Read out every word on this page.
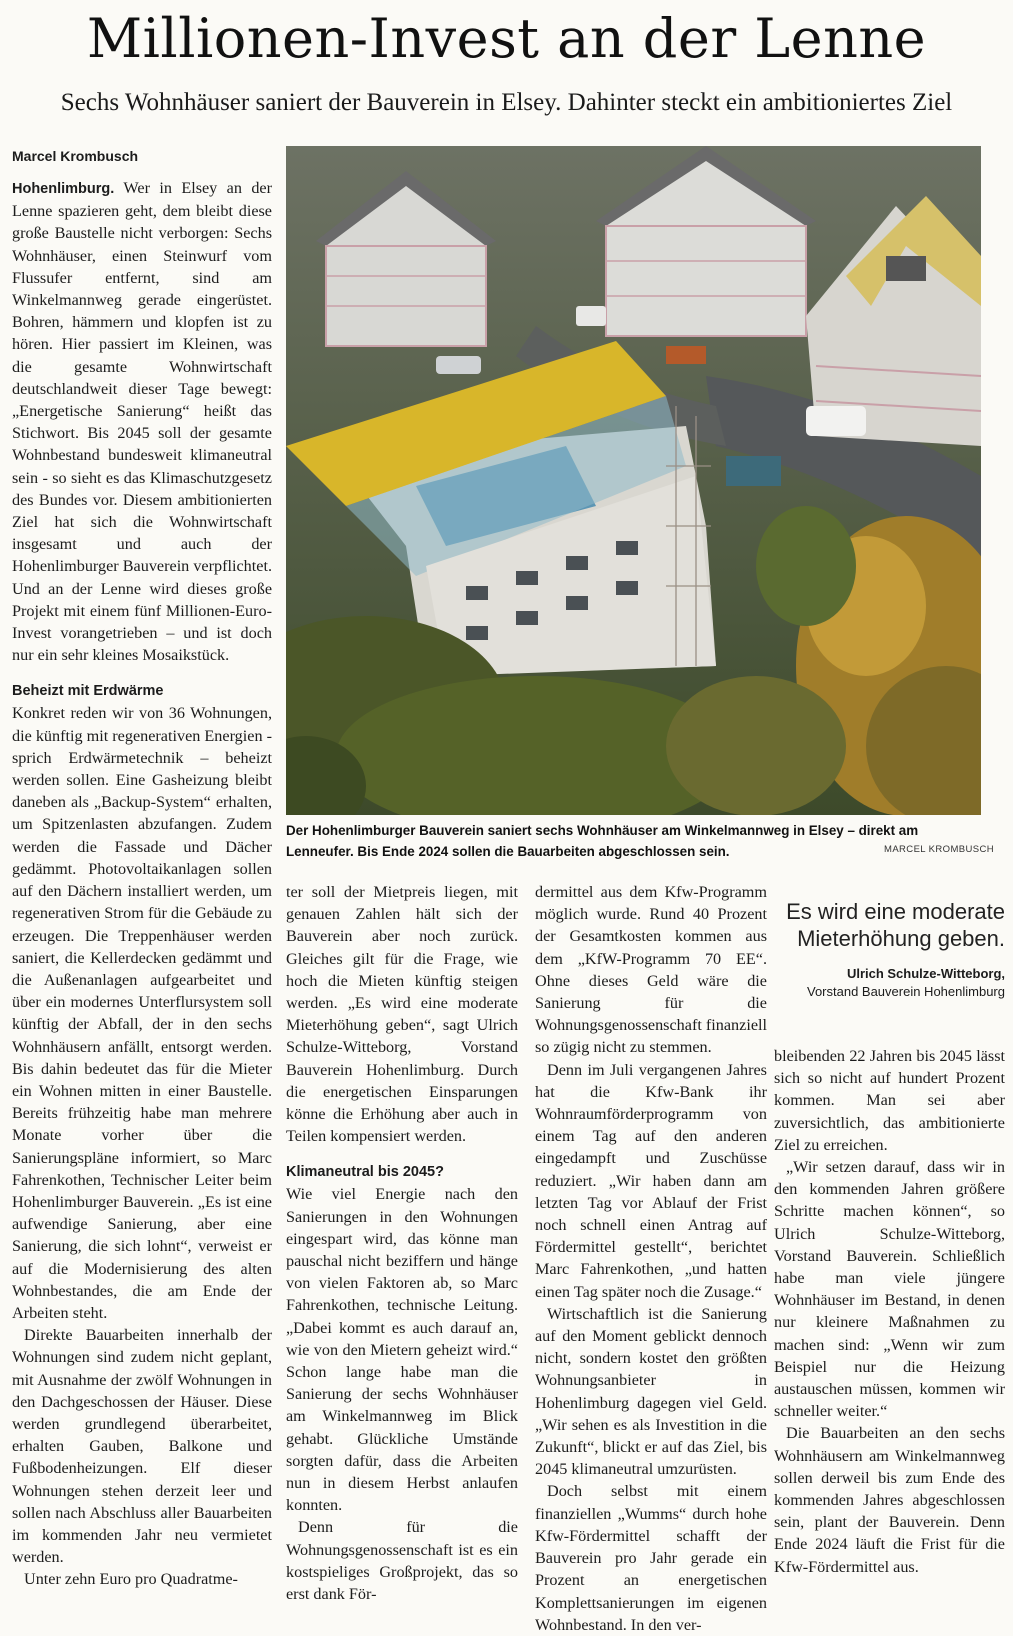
Millionen-Invest an der Lenne
Sechs Wohnhäuser saniert der Bauverein in Elsey. Dahinter steckt ein ambitioniertes Ziel
Marcel Krombusch

Hohenlimburg. Wer in Elsey an der Lenne spazieren geht, dem bleibt diese große Baustelle nicht verborgen: Sechs Wohnhäuser, einen Steinwurf vom Flussufer entfernt, sind am Winkelmannweg gerade eingerüstet. Bohren, hämmern und klopfen ist zu hören. Hier passiert im Kleinen, was die gesamte Wohnwirtschaft deutschlandweit dieser Tage bewegt: „Energetische Sanierung“ heißt das Stichwort. Bis 2045 soll der gesamte Wohnbestand bundesweit klimaneutral sein - so sieht es das Klimaschutzgesetz des Bundes vor. Diesem ambitionierten Ziel hat sich die Wohnwirtschaft insgesamt und auch der Hohenlimburger Bauverein verpflichtet. Und an der Lenne wird dieses große Projekt mit einem fünf Millionen-Euro-Invest vorangetrieben – und ist doch nur ein sehr kleines Mosaikstück.

Beheizt mit Erdwärme

Konkret reden wir von 36 Wohnungen, die künftig mit regenerativen Energien - sprich Erdwärmetechnik – beheizt werden sollen. Eine Gasheizung bleibt daneben als „Backup-System“ erhalten, um Spitzenlasten abzufangen. Zudem werden die Fassade und Dächer gedämmt. Photovoltaikanlagen sollen auf den Dächern installiert werden, um regenerativen Strom für die Gebäude zu erzeugen. Die Treppenhäuser werden saniert, die Kellerdecken gedämmt und die Außenanlagen aufgearbeitet und über ein modernes Unterflursystem soll künftig der Abfall, der in den sechs Wohnhäusern anfällt, entsorgt werden. Bis dahin bedeutet das für die Mieter ein Wohnen mitten in einer Baustelle. Bereits frühzeitig habe man mehrere Monate vorher über die Sanierungspläne informiert, so Marc Fahrenkothen, Technischer Leiter beim Hohenlimburger Bauverein. „Es ist eine aufwendige Sanierung, aber eine Sanierung, die sich lohnt“, verweist er auf die Modernisierung des alten Wohnbestandes, die am Ende der Arbeiten steht.

Direkte Bauarbeiten innerhalb der Wohnungen sind zudem nicht geplant, mit Ausnahme der zwölf Wohnungen in den Dachgeschossen der Häuser. Diese werden grundlegend überarbeitet, erhalten Gauben, Balkone und Fußbodenheizungen. Elf dieser Wohnungen stehen derzeit leer und sollen nach Abschluss aller Bauarbeiten im kommenden Jahr neu vermietet werden.

Unter zehn Euro pro Quadratme-

Der Hohenlimburger Bauverein saniert sechs Wohnhäuser am Winkelmannweg in Elsey – direkt am Lenneufer. Bis Ende 2024 sollen die Bauarbeiten abgeschlossen sein.	MARCEL KROMBUSCH

ter soll der Mietpreis liegen, mit genauen Zahlen hält sich der Bauverein aber noch zurück. Gleiches gilt für die Frage, wie hoch die Mieten künftig steigen werden. „Es wird eine moderate Mieterhöhung geben“, sagt Ulrich Schulze-Witteborg, Vorstand Bauverein Hohenlimburg. Durch die energetischen Einsparungen könne die Erhöhung aber auch in Teilen kompensiert werden.

Klimaneutral bis 2045?

Wie viel Energie nach den Sanierungen in den Wohnungen eingespart wird, das könne man pauschal nicht beziffern und hänge von vielen Faktoren ab, so Marc Fahrenkothen, technische Leitung. „Dabei kommt es auch darauf an, wie von den Mietern geheizt wird.“ Schon lange habe man die Sanierung der sechs Wohnhäuser am Winkelmannweg im Blick gehabt. Glückliche Umstände sorgten dafür, dass die Arbeiten nun in diesem Herbst anlaufen konnten.

Denn für die Wohnungsgenossenschaft ist es ein kostspieliges Großprojekt, das so erst dank För-

dermittel aus dem Kfw-Programm möglich wurde. Rund 40 Prozent der Gesamtkosten kommen aus dem „KfW-Programm 70 EE“. Ohne dieses Geld wäre die Sanierung für die Wohnungsgenossenschaft finanziell so zügig nicht zu stemmen.

Denn im Juli vergangenen Jahres hat die Kfw-Bank ihr Wohnraumförderprogramm von einem Tag auf den anderen eingedampft und Zuschüsse reduziert. „Wir haben dann am letzten Tag vor Ablauf der Frist noch schnell einen Antrag auf Fördermittel gestellt“, berichtet Marc Fahrenkothen, „und hatten einen Tag später noch die Zusage.“

Wirtschaftlich ist die Sanierung auf den Moment geblickt dennoch nicht, sondern kostet den größten Wohnungsanbieter in Hohenlimburg dagegen viel Geld. „Wir sehen es als Investition in die Zukunft“, blickt er auf das Ziel, bis 2045 klimaneutral umzurüsten.

Doch selbst mit einem finanziellen „Wumms“ durch hohe Kfw-Fördermittel schafft der Bauverein pro Jahr gerade ein Prozent an energetischen Komplettsanierungen im eigenen Wohnbestand. In den ver-

Es wird eine moderate Mieterhöhung geben.
Ulrich Schulze-Witteborg,
Vorstand Bauverein Hohenlimburg

bleibenden 22 Jahren bis 2045 lässt sich so nicht auf hundert Prozent kommen. Man sei aber zuversichtlich, das ambitionierte Ziel zu erreichen.

„Wir setzen darauf, dass wir in den kommenden Jahren größere Schritte machen können“, so Ulrich Schulze-Witteborg, Vorstand Bauverein. Schließlich habe man viele jüngere Wohnhäuser im Bestand, in denen nur kleinere Maßnahmen zu machen sind: „Wenn wir zum Beispiel nur die Heizung austauschen müssen, kommen wir schneller weiter.“

Die Bauarbeiten an den sechs Wohnhäusern am Winkelmannweg sollen derweil bis zum Ende des kommenden Jahres abgeschlossen sein, plant der Bauverein. Denn Ende 2024 läuft die Frist für die Kfw-Fördermittel aus.
